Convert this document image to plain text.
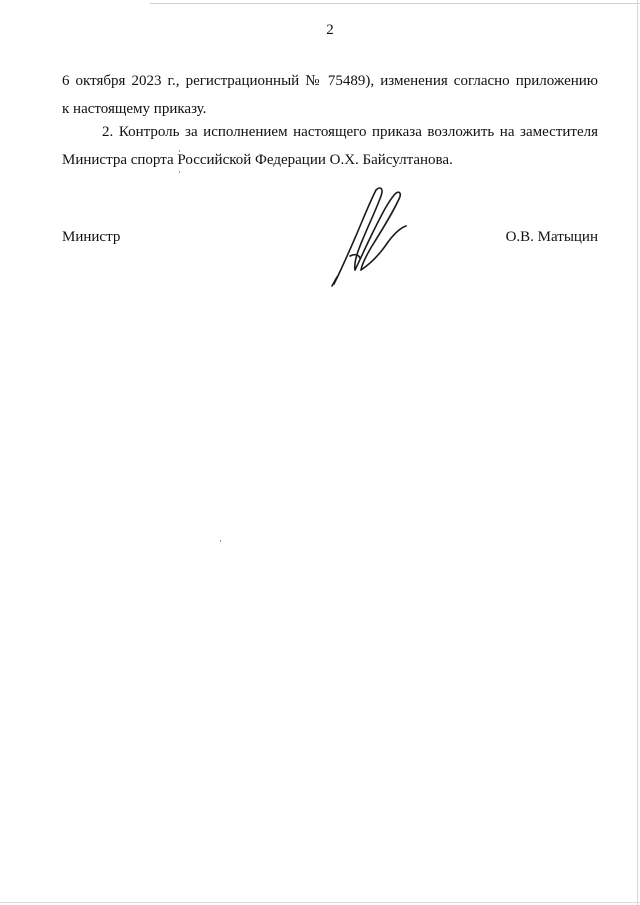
2
6 октября 2023 г., регистрационный № 75489), изменения согласно приложению
к настоящему приказу.
2. Контроль за исполнением настоящего приказа возложить на заместителя
Министра спорта Российской Федерации О.Х. Байсултанова.
Министр	О.В. Матыцин
